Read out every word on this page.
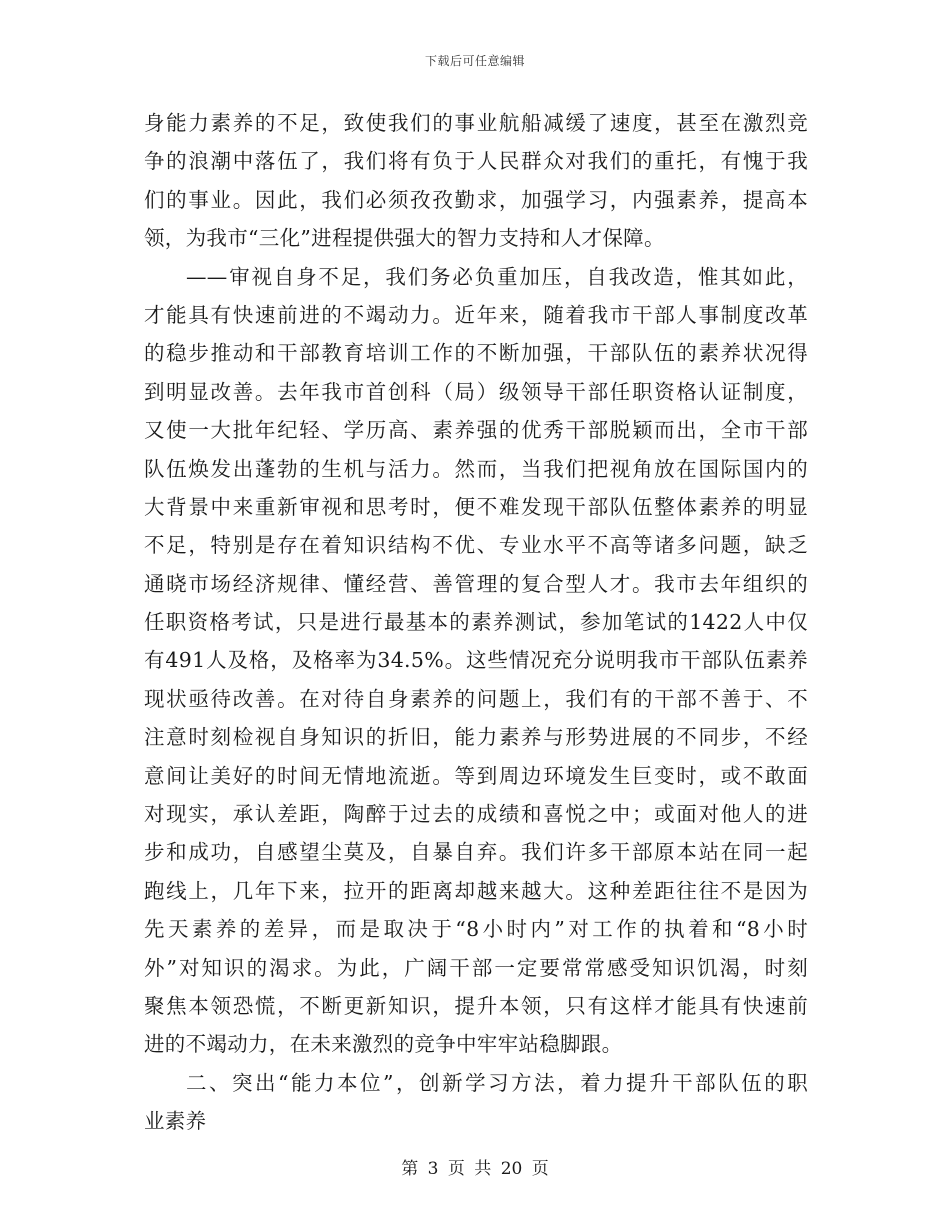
下载后可任意编辑
身能力素养的不足，致使我们的事业航船减缓了速度，甚至在激烈竞
争的浪潮中落伍了，我们将有负于人民群众对我们的重托，有愧于我
们的事业。因此，我们必须孜孜勤求，加强学习，内强素养，提高本
领，为我市“三化”进程提供强大的智力支持和人才保障。
——审视自身不足，我们务必负重加压，自我改造，惟其如此，
才能具有快速前进的不竭动力。近年来，随着我市干部人事制度改革
的稳步推动和干部教育培训工作的不断加强，干部队伍的素养状况得
到明显改善。去年我市首创科（局）级领导干部任职资格认证制度，
又使一大批年纪轻、学历高、素养强的优秀干部脱颖而出，全市干部
队伍焕发出蓬勃的生机与活力。然而，当我们把视角放在国际国内的
大背景中来重新审视和思考时，便不难发现干部队伍整体素养的明显
不足，特别是存在着知识结构不优、专业水平不高等诸多问题，缺乏
通晓市场经济规律、懂经营、善管理的复合型人才。我市去年组织的
任职资格考试，只是进行最基本的素养测试，参加笔试的1422人中仅
有491人及格，及格率为34.5%。这些情况充分说明我市干部队伍素养
现状亟待改善。在对待自身素养的问题上，我们有的干部不善于、不
注意时刻检视自身知识的折旧，能力素养与形势进展的不同步，不经
意间让美好的时间无情地流逝。等到周边环境发生巨变时，或不敢面
对现实，承认差距，陶醉于过去的成绩和喜悦之中；或面对他人的进
步和成功，自感望尘莫及，自暴自弃。我们许多干部原本站在同一起
跑线上，几年下来，拉开的距离却越来越大。这种差距往往不是因为
先天素养的差异，而是取决于“8小时内”对工作的执着和“8小时
外”对知识的渴求。为此，广阔干部一定要常常感受知识饥渴，时刻
聚焦本领恐慌，不断更新知识，提升本领，只有这样才能具有快速前
进的不竭动力，在未来激烈的竞争中牢牢站稳脚跟。
二、突出“能力本位”，创新学习方法，着力提升干部队伍的职
业素养
第 3 页 共 20 页
